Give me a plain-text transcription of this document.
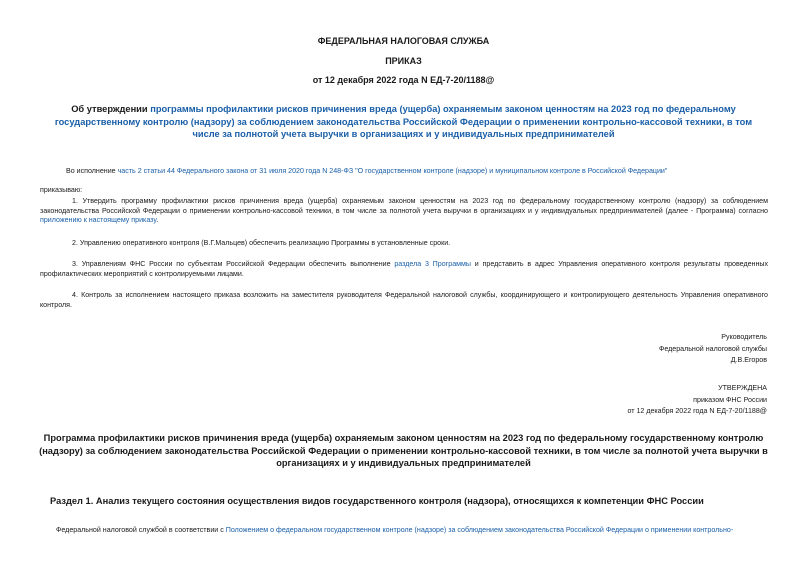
ФЕДЕРАЛЬНАЯ НАЛОГОВАЯ СЛУЖБА
ПРИКАЗ
от 12 декабря 2022 года N ЕД-7-20/1188@
Об утверждении программы профилактики рисков причинения вреда (ущерба) охраняемым законом ценностям на 2023 год по федеральному государственному контролю (надзору) за соблюдением законодательства Российской Федерации о применении контрольно-кассовой техники, в том числе за полнотой учета выручки в организациях и у индивидуальных предпринимателей
Во исполнение часть 2 статьи 44 Федерального закона от 31 июля 2020 года N 248-ФЗ "О государственном контроле (надзоре) и муниципальном контроле в Российской Федерации"
приказываю:
1. Утвердить программу профилактики рисков причинения вреда (ущерба) охраняемым законом ценностям на 2023 год по федеральному государственному контролю (надзору) за соблюдением законодательства Российской Федерации о применении контрольно-кассовой техники, в том числе за полнотой учета выручки в организациях и у индивидуальных предпринимателей (далее - Программа) согласно приложению к настоящему приказу.
2. Управлению оперативного контроля (В.Г.Мальцев) обеспечить реализацию Программы в установленные сроки.
3. Управлениям ФНС России по субъектам Российской Федерации обеспечить выполнение раздела 3 Программы и представить в адрес Управления оперативного контроля результаты проведенных профилактических мероприятий с контролируемыми лицами.
4. Контроль за исполнением настоящего приказа возложить на заместителя руководителя Федеральной налоговой службы, координирующего и контролирующего деятельность Управления оперативного контроля.
Руководитель
Федеральной налоговой службы
Д.В.Егоров
УТВЕРЖДЕНА
приказом ФНС России
от 12 декабря 2022 года N ЕД-7-20/1188@
Программа профилактики рисков причинения вреда (ущерба) охраняемым законом ценностям на 2023 год по федеральному государственному контролю (надзору) за соблюдением законодательства Российской Федерации о применении контрольно-кассовой техники, в том числе за полнотой учета выручки в организациях и у индивидуальных предпринимателей
Раздел 1. Анализ текущего состояния осуществления видов государственного контроля (надзора), относящихся к компетенции ФНС России
Федеральной налоговой службой в соответствии с Положением о федеральном государственном контроле (надзоре) за соблюдением законодательства Российской Федерации о применении контрольно-
